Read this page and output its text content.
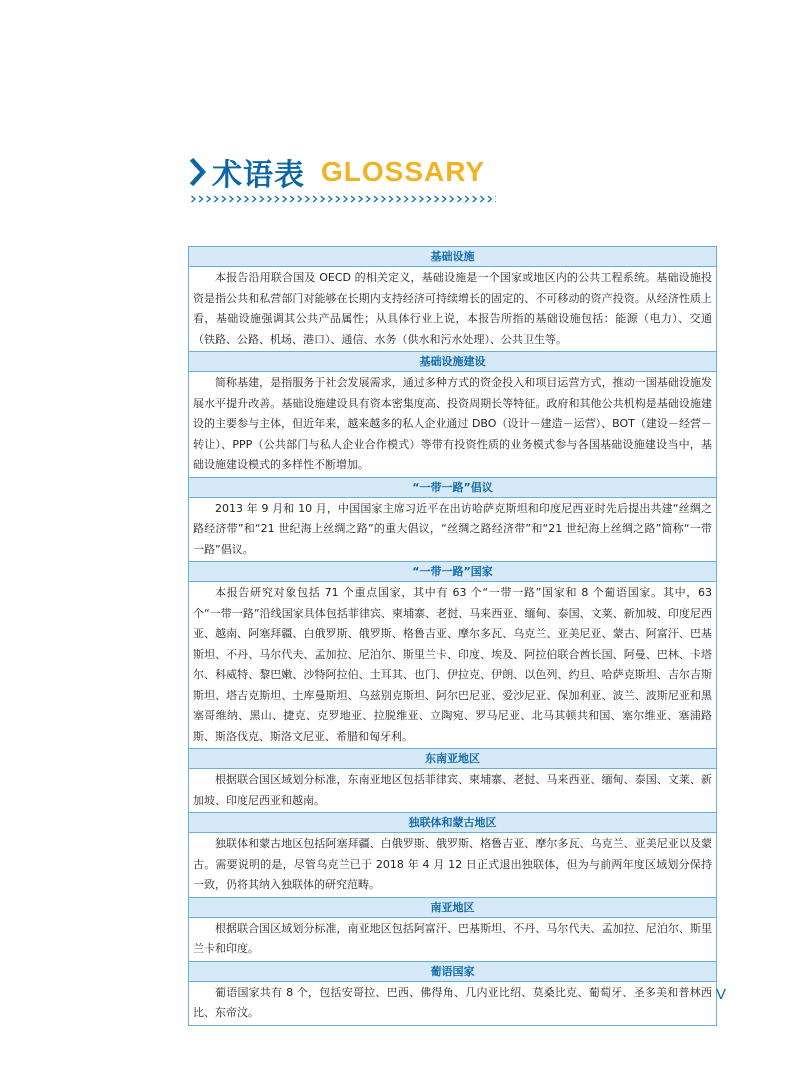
术语表 GLOSSARY
基础设施
本报告沿用联合国及 OECD 的相关定义，基础设施是一个国家或地区内的公共工程系统。基础设施投资是指公共和私营部门对能够在长期内支持经济可持续增长的固定的、不可移动的资产投资。从经济性质上看，基础设施强调其公共产品属性；从具体行业上说，本报告所指的基础设施包括：能源（电力）、交通（铁路、公路、机场、港口）、通信、水务（供水和污水处理）、公共卫生等。
基础设施建设
简称基建，是指服务于社会发展需求，通过多种方式的资金投入和项目运营方式，推动一国基础设施发展水平提升改善。基础设施建设具有资本密集度高、投资周期长等特征。政府和其他公共机构是基础设施建设的主要参与主体，但近年来，越来越多的私人企业通过 DBO（设计－建造－运营）、BOT（建设－经营－转让）、PPP（公共部门与私人企业合作模式）等带有投资性质的业务模式参与各国基础设施建设当中，基础设施建设模式的多样性不断增加。
“一带一路”倡议
2013 年 9 月和 10 月，中国国家主席习近平在出访哈萨克斯坦和印度尼西亚时先后提出共建“丝绸之路经济带”和“21 世纪海上丝绸之路”的重大倡议，“丝绸之路经济带”和“21 世纪海上丝绸之路”简称“一带一路”倡议。
“一带一路”国家
本报告研究对象包括 71 个重点国家，其中有 63 个“一带一路”国家和 8 个葡语国家。其中，63 个“一带一路”沿线国家具体包括菲律宾、柬埔寨、老挝、马来西亚、缅甸、泰国、文莱、新加坡、印度尼西亚、越南、阿塞拜疆、白俄罗斯、俄罗斯、格鲁吉亚、摩尔多瓦、乌克兰、亚美尼亚、蒙古、阿富汗、巴基斯坦、不丹、马尔代夫、孟加拉、尼泊尔、斯里兰卡、印度、埃及、阿拉伯联合酋长国、阿曼、巴林、卡塔尔、科威特、黎巴嫩、沙特阿拉伯、土耳其、也门、伊拉克、伊朗、以色列、约旦、哈萨克斯坦、吉尔吉斯斯坦、塔吉克斯坦、土库曼斯坦、乌兹别克斯坦、阿尔巴尼亚、爱沙尼亚、保加利亚、波兰、波斯尼亚和黑塞哥维纳、黑山、捷克、克罗地亚、拉脱维亚、立陶宛、罗马尼亚、北马其顿共和国、塞尔维亚、塞浦路斯、斯洛伐克、斯洛文尼亚、希腊和匈牙利。
东南亚地区
根据联合国区域划分标准，东南亚地区包括菲律宾、柬埔寨、老挝、马来西亚、缅甸、泰国、文莱、新加坡、印度尼西亚和越南。
独联体和蒙古地区
独联体和蒙古地区包括阿塞拜疆、白俄罗斯、俄罗斯、格鲁吉亚、摩尔多瓦、乌克兰、亚美尼亚以及蒙古。需要说明的是，尽管乌克兰已于 2018 年 4 月 12 日正式退出独联体，但为与前两年度区域划分保持一致，仍将其纳入独联体的研究范畴。
南亚地区
根据联合国区域划分标准，南亚地区包括阿富汗、巴基斯坦、不丹、马尔代夫、孟加拉、尼泊尔、斯里兰卡和印度。
葡语国家
葡语国家共有 8 个，包括安哥拉、巴西、佛得角、几内亚比绍、莫桑比克、葡萄牙、圣多美和普林西比、东帝汶。
V
